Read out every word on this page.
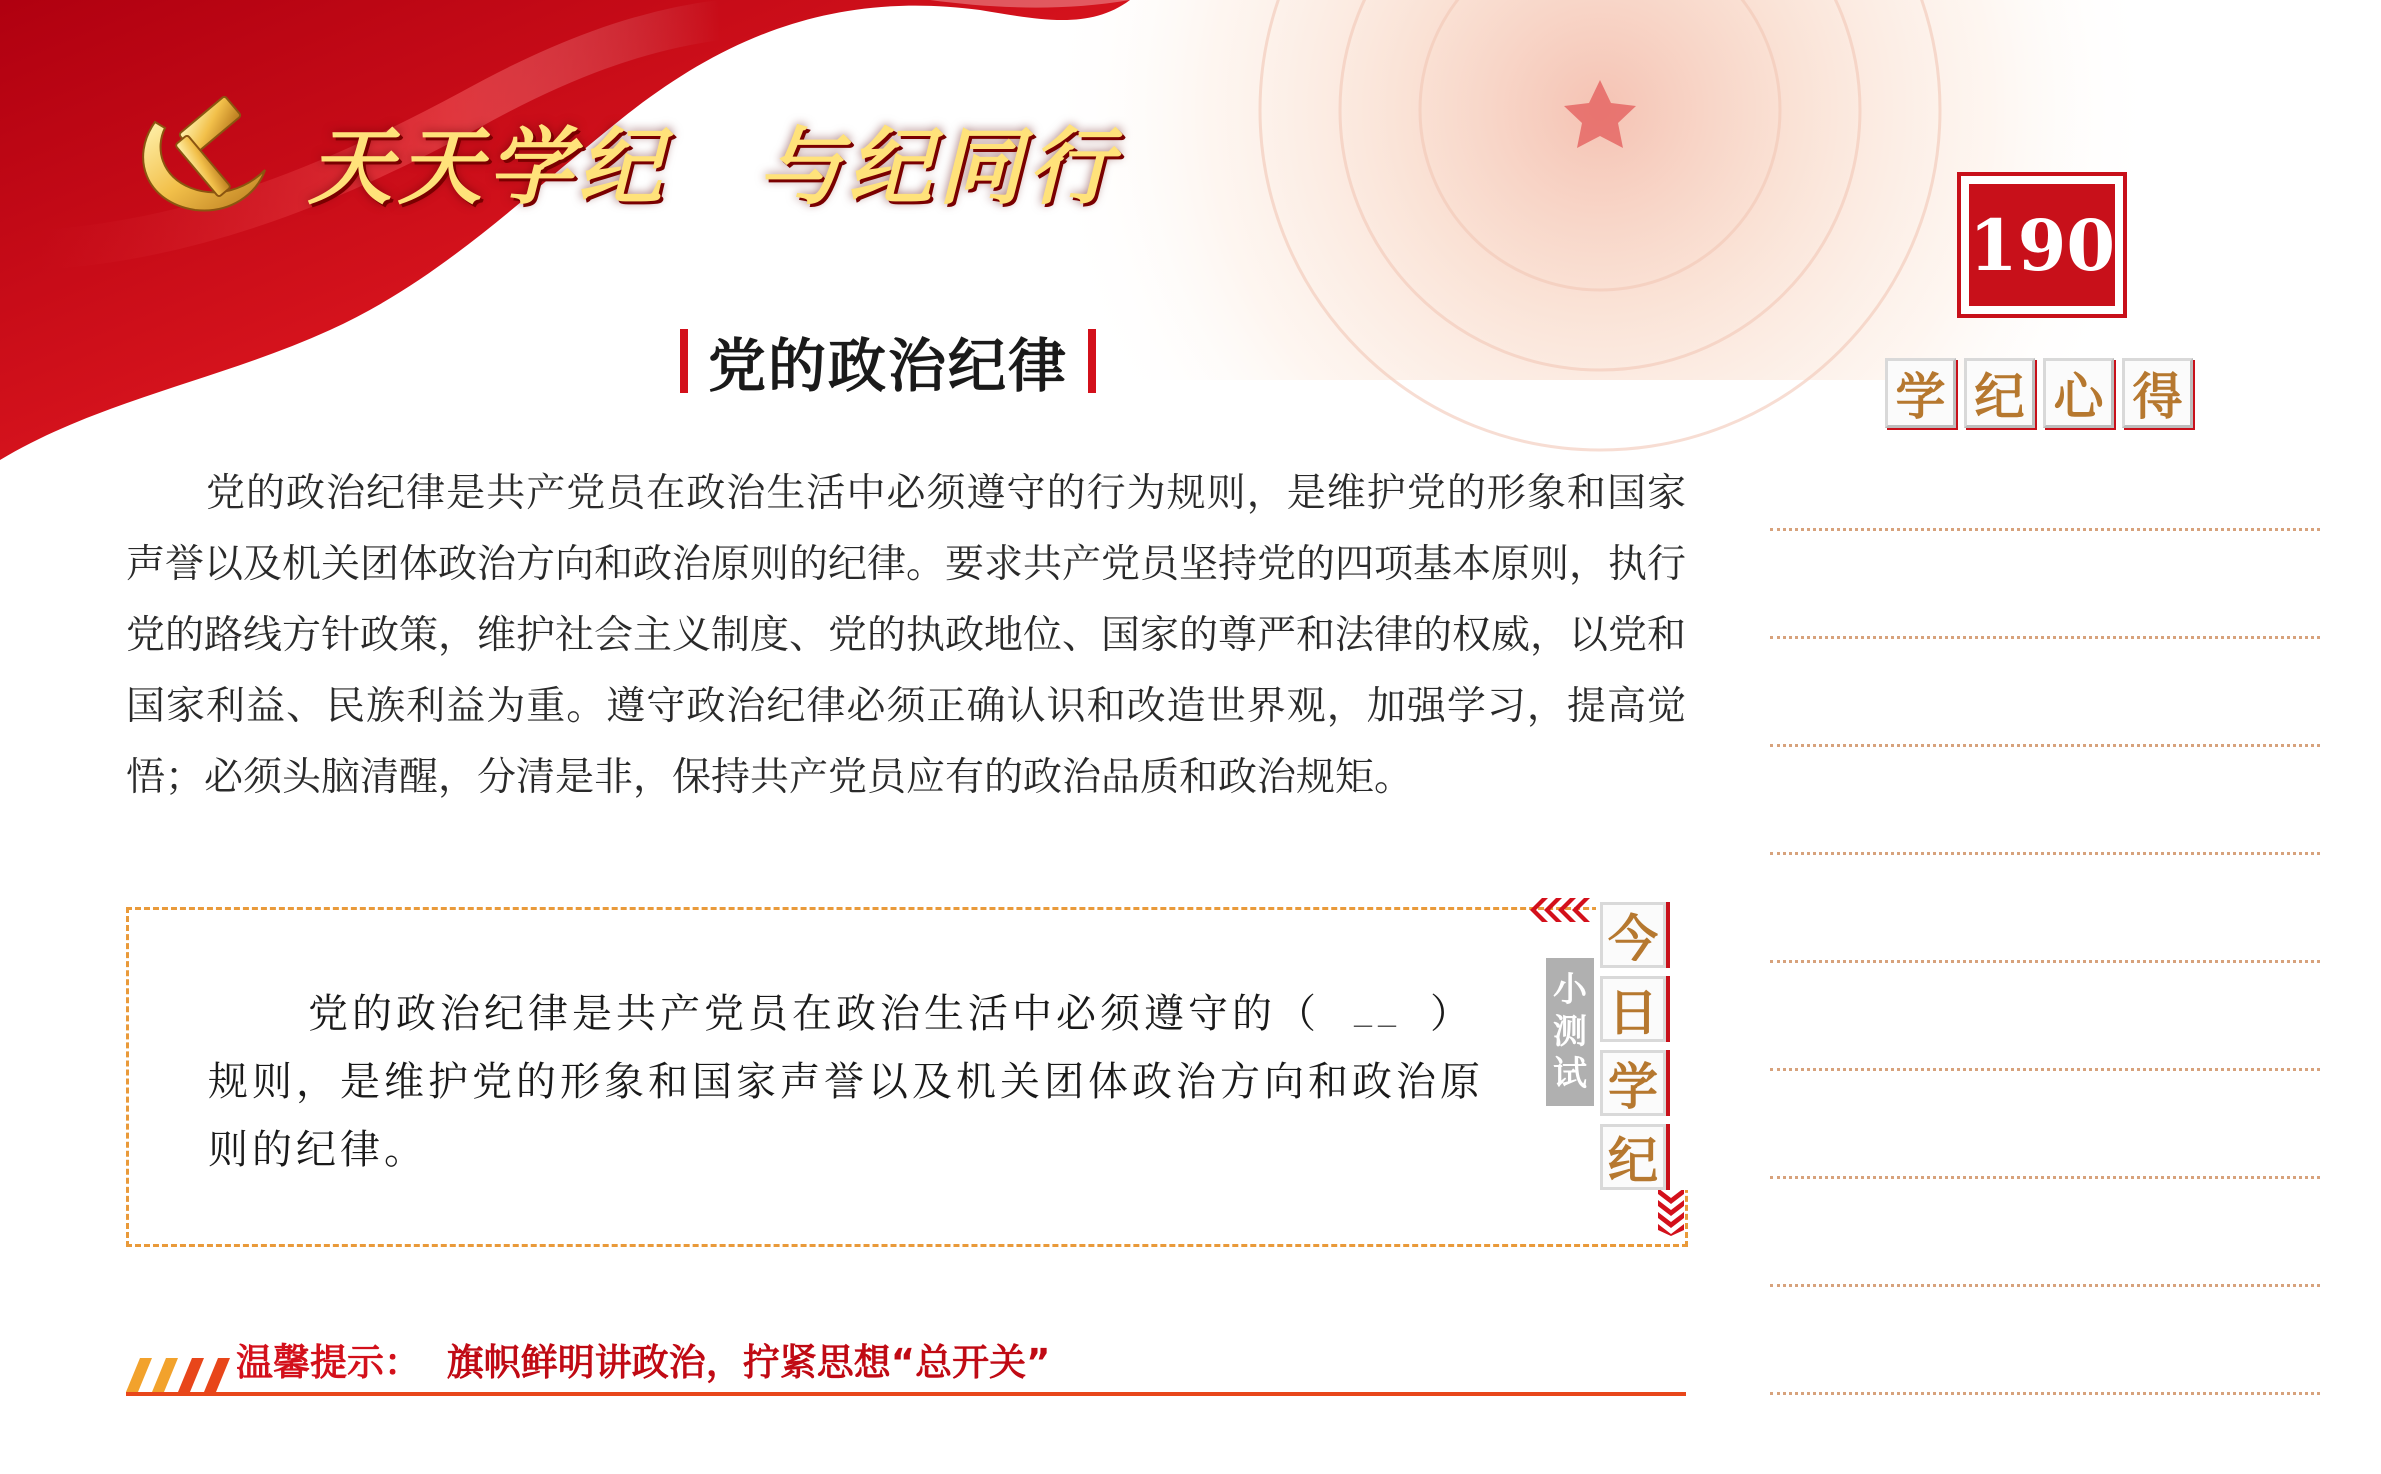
天天学纪　与纪同行
190
学 纪 心 得
党的政治纪律

党的政治纪律是共产党员在政治生活中必须遵守的行为规则，是维护党的形象和国家声誉以及机关团体政治方向和政治原则的纪律。要求共产党员坚持党的四项基本原则，执行党的路线方针政策，维护社会主义制度、党的执政地位、国家的尊严和法律的权威，以党和国家利益、民族利益为重。遵守政治纪律必须正确认识和改造世界观，加强学习，提高觉悟；必须头脑清醒，分清是非，保持共产党员应有的政治品质和政治规矩。

今
日
学
纪
小
测
试

党的政治纪律是共产党员在政治生活中必须遵守的（	）规则，是维护党的形象和国家声誉以及机关团体政治方向和政治原则的纪律。

温馨提示： 旗帜鲜明讲政治，拧紧思想“总开关”
